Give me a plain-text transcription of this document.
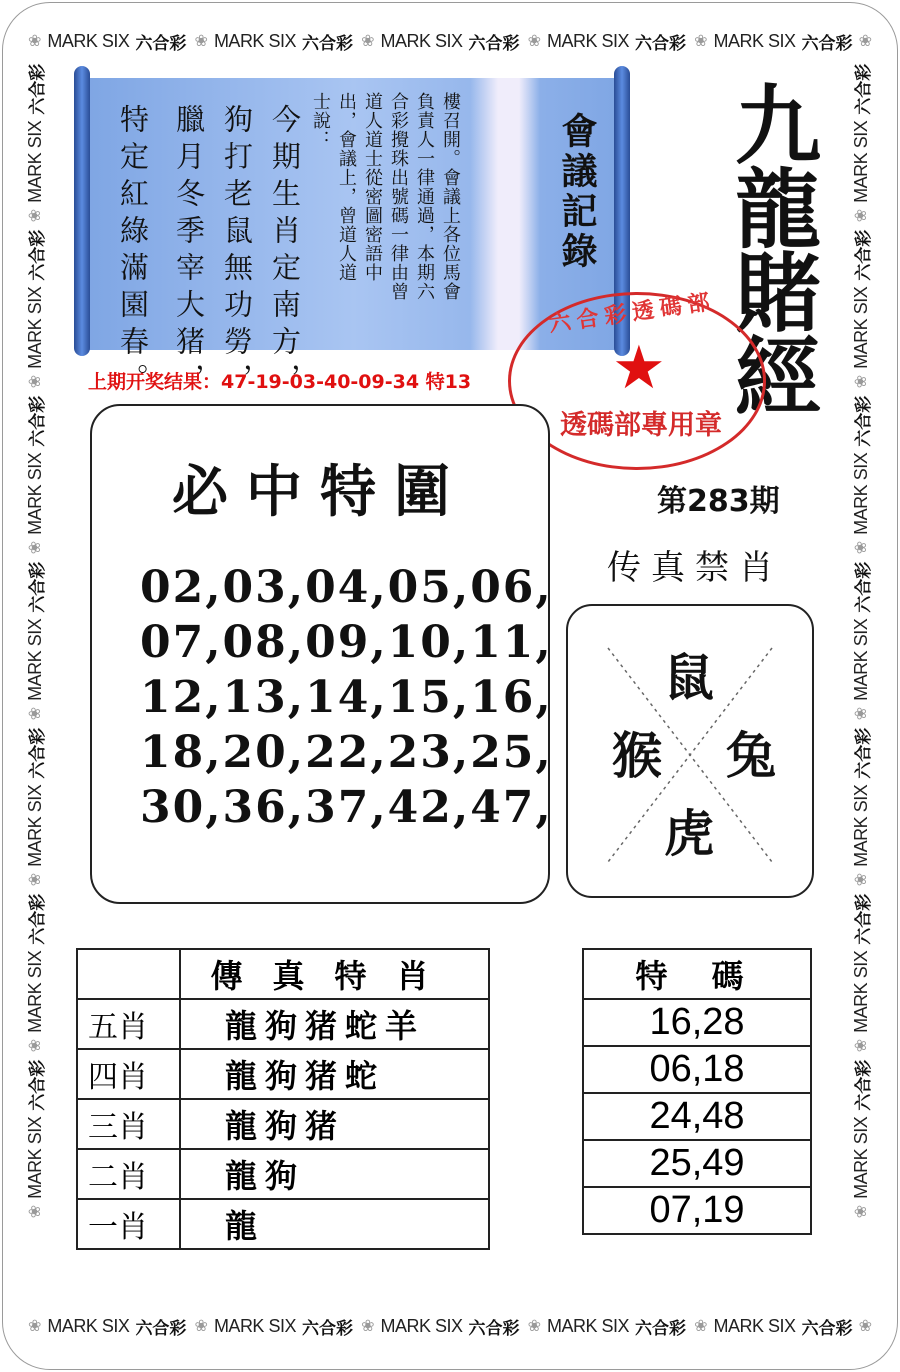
❀ MARK SIX 六合彩 ❀ MARK SIX 六合彩 ❀ MARK SIX 六合彩 ❀ MARK SIX 六合彩 ❀ MARK SIX 六合彩 ❀
❀ MARK SIX 六合彩 ❀ MARK SIX 六合彩 ❀ MARK SIX 六合彩 ❀ MARK SIX 六合彩 ❀ MARK SIX 六合彩 ❀
❀
MARK SIX
六合彩
❀
MARK SIX
六合彩
❀
MARK SIX
六合彩
❀
MARK SIX
六合彩
❀
MARK SIX
六合彩
❀
MARK SIX
六合彩
❀
MARK SIX
六合彩
❀
MARK SIX
六合彩
❀
MARK SIX
六合彩
❀
MARK SIX
六合彩
❀
MARK SIX
六合彩
❀
MARK SIX
六合彩
❀
MARK SIX
六合彩
❀
MARK SIX
六合彩
會議記錄
樓召開。會議上各位馬會
負責人一律通過，本期六
合彩攪珠出號碼一律由曾
道人道士從密圖密語中
出，會議上，曾道人道
士說：
今期生肖定南方，
狗打老鼠無功勞，
臘月冬季宰大猪，
特定紅綠滿園春。	九龍賭經
六合彩透碼部
★
透碼部專用章
上期开奖结果：47-19-03-40-09-34 特13
必中特圍
02,03,04,05,06,
07,08,09,10,11,
12,13,14,15,16,
18,20,22,23,25,
30,36,37,42,47,
第283期
传真禁肖
鼠
猴 兔
虎
	傳真特肖
五肖	龍狗猪蛇羊
四肖	龍狗猪蛇
三肖	龍狗猪
二肖	龍狗
一肖	龍
特碼
16,28
06,18
24,48
25,49
07,19
